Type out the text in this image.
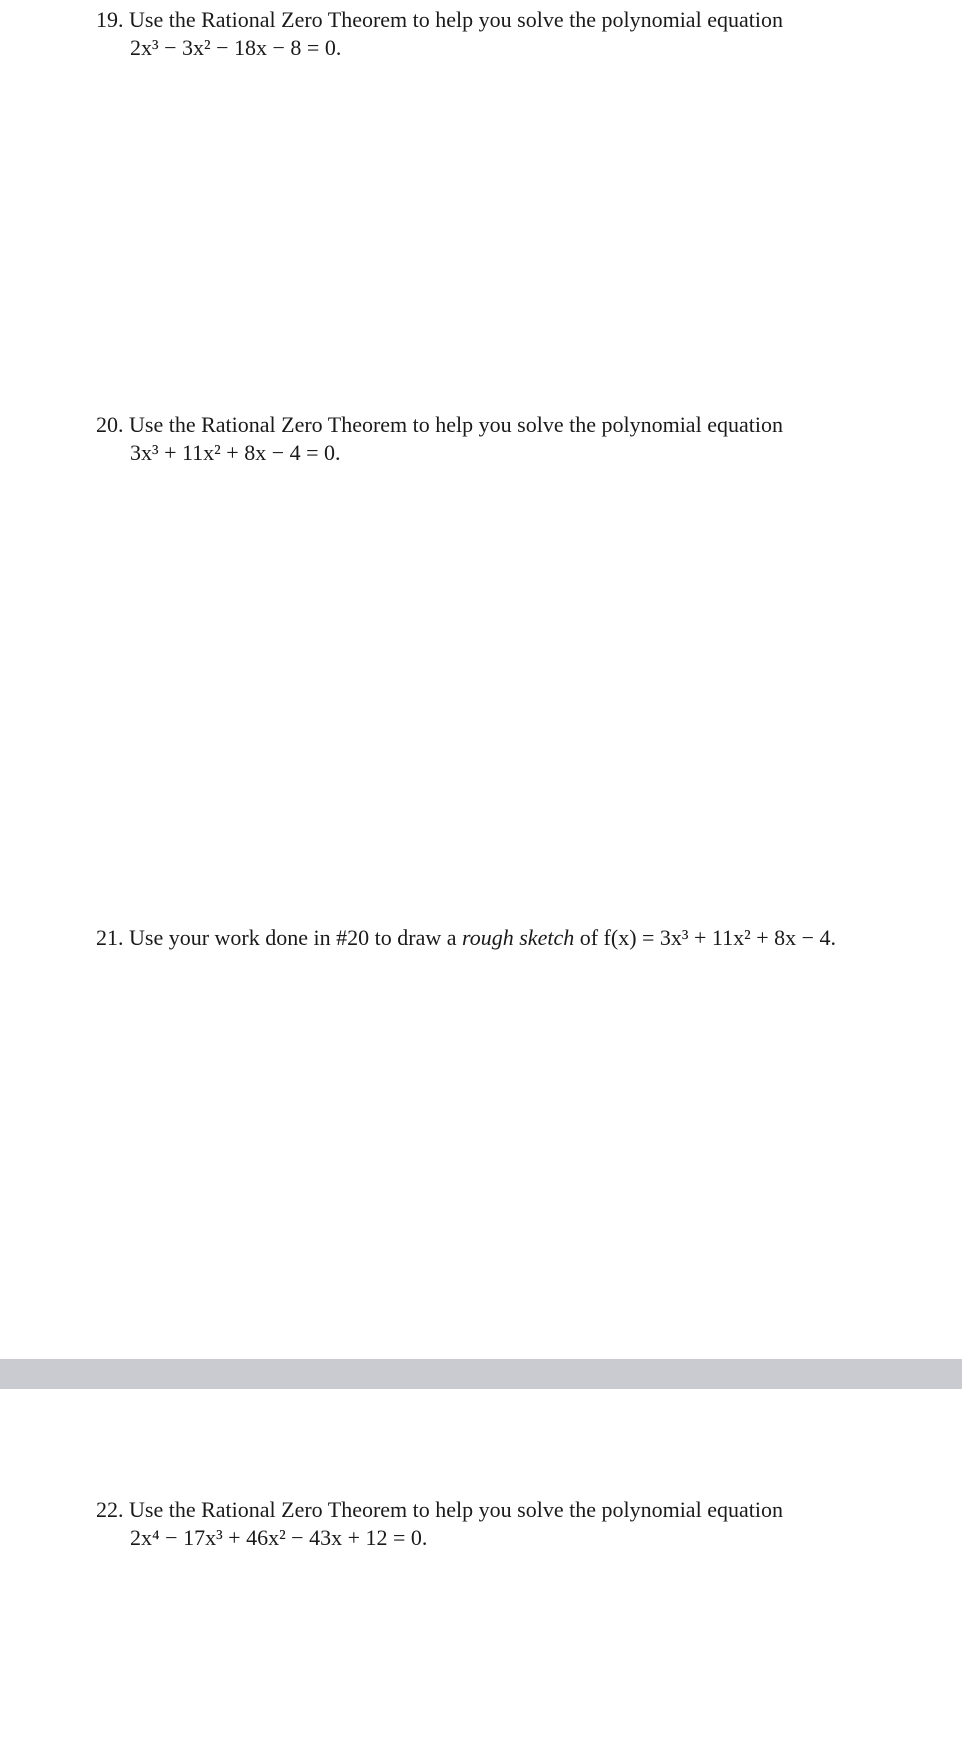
19. Use the Rational Zero Theorem to help you solve the polynomial equation
2x³ − 3x² − 18x − 8 = 0.
20. Use the Rational Zero Theorem to help you solve the polynomial equation
3x³ + 11x² + 8x − 4 = 0.
21. Use your work done in #20 to draw a rough sketch of f(x) = 3x³ + 11x² + 8x − 4.
22. Use the Rational Zero Theorem to help you solve the polynomial equation
2x⁴ − 17x³ + 46x² − 43x + 12 = 0.
